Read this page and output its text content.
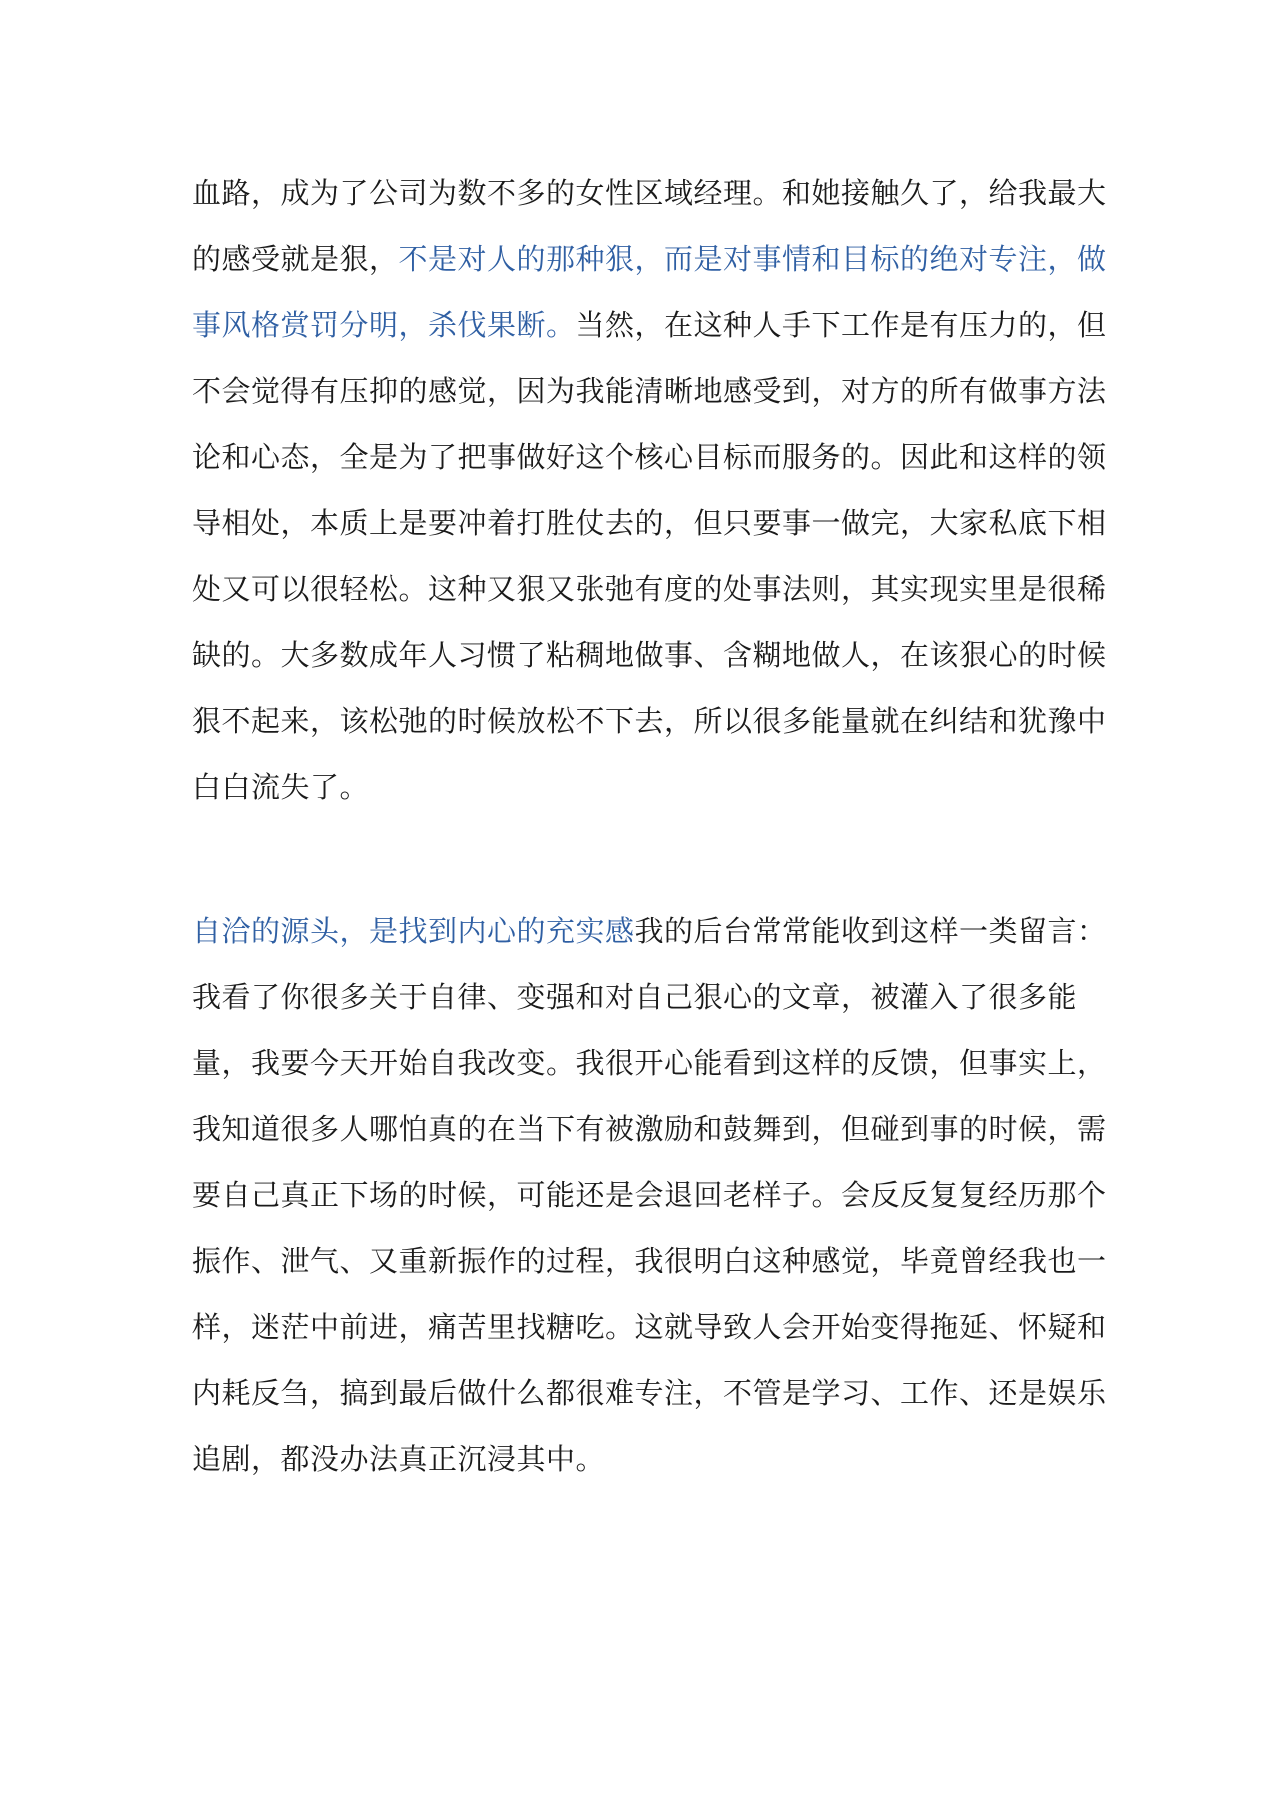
血路，成为了公司为数不多的女性区域经理。和她接触久了，给我最大的感受就是狠，不是对人的那种狠，而是对事情和目标的绝对专注，做事风格赏罚分明，杀伐果断。当然，在这种人手下工作是有压力的，但不会觉得有压抑的感觉，因为我能清晰地感受到，对方的所有做事方法论和心态，全是为了把事做好这个核心目标而服务的。因此和这样的领导相处，本质上是要冲着打胜仗去的，但只要事一做完，大家私底下相处又可以很轻松。这种又狠又张弛有度的处事法则，其实现实里是很稀缺的。大多数成年人习惯了粘稠地做事、含糊地做人，在该狠心的时候狠不起来，该松弛的时候放松不下去，所以很多能量就在纠结和犹豫中白白流失了。

自洽的源头，是找到内心的充实感我的后台常常能收到这样一类留言：我看了你很多关于自律、变强和对自己狠心的文章，被灌入了很多能量，我要今天开始自我改变。我很开心能看到这样的反馈，但事实上，我知道很多人哪怕真的在当下有被激励和鼓舞到，但碰到事的时候，需要自己真正下场的时候，可能还是会退回老样子。会反反复复经历那个振作、泄气、又重新振作的过程，我很明白这种感觉，毕竟曾经我也一样，迷茫中前进，痛苦里找糖吃。这就导致人会开始变得拖延、怀疑和内耗反刍，搞到最后做什么都很难专注，不管是学习、工作、还是娱乐追剧，都没办法真正沉浸其中。
